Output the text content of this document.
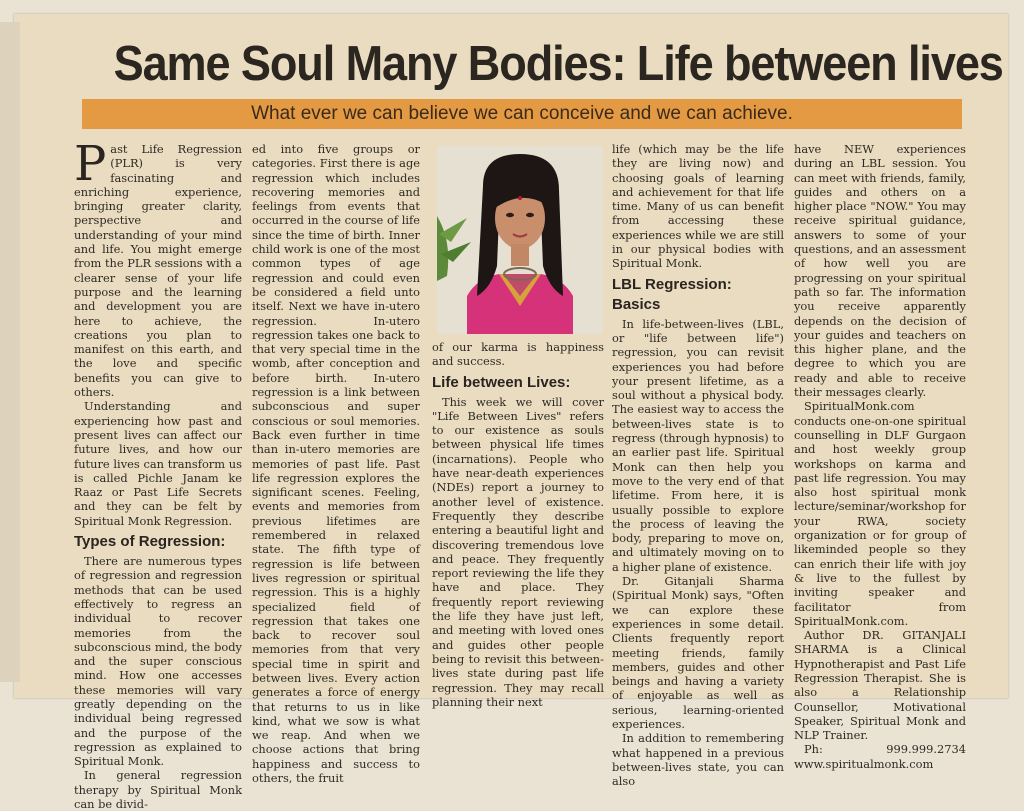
Same Soul Many Bodies: Life between lives
What ever we can believe we can conceive and we can achieve.

Past Life Regression (PLR) is very fascinating and enriching experience, bringing greater clarity, perspective and understanding of your mind and life. You might emerge from the PLR sessions with a clearer sense of your life purpose and the learning and development you are here to achieve, the creations you plan to manifest on this earth, and the love and specific benefits you can give to others.

Understanding and experiencing how past and present lives can affect our future lives, and how our future lives can transform us is called Pichle Janam ke Raaz or Past Life Secrets and they can be felt by Spiritual Monk Regression.

Types of Regression:

There are numerous types of regression and regression methods that can be used effectively to regress an individual to recover memories from the subconscious mind, the body and the super conscious mind. How one accesses these memories will vary greatly depending on the individual being regressed and the purpose of the regression as explained to Spiritual Monk.

In general regression therapy by Spiritual Monk can be divid-

ed into five groups or categories. First there is age regression which includes recovering memories and feelings from events that occurred in the course of life since the time of birth. Inner child work is one of the most common types of age regression and could even be considered a field unto itself. Next we have in-utero regression. In-utero regression takes one back to that very special time in the womb, after conception and before birth. In-utero regression is a link between subconscious and super conscious or soul memories. Back even further in time than in-utero memories are memories of past life. Past life regression explores the significant scenes. Feeling, events and memories from previous lifetimes are remembered in relaxed state. The fifth type of regression is life between lives regression or spiritual regression. This is a highly specialized field of regression that takes one back to recover soul memories from that very special time in spirit and between lives. Every action generates a force of energy that returns to us in like kind, what we sow is what we reap. And when we choose actions that bring happiness and success to others, the fruit

of our karma is happiness and success.

Life between Lives:

This week we will cover "Life Between Lives" refers to our existence as souls between physical life times (incarnations). People who have near-death experiences (NDEs) report a journey to another level of existence. Frequently they describe entering a beautiful light and discovering tremendous love and peace. They frequently report reviewing the life they have and place. They frequently report reviewing the life they have just left, and meeting with loved ones and guides other people being to revisit this between-lives state during past life regression. They may recall planning their next

life (which may be the life they are living now) and choosing goals of learning and achievement for that life time. Many of us can benefit from accessing these experiences while we are still in our physical bodies with Spiritual Monk.

LBL Regression: Basics

In life-between-lives (LBL, or "life between life") regression, you can revisit experiences you had before your present lifetime, as a soul without a physical body. The easiest way to access the between-lives state is to regress (through hypnosis) to an earlier past life. Spiritual Monk can then help you move to the very end of that lifetime. From here, it is usually possible to explore the process of leaving the body, preparing to move on, and ultimately moving on to a higher plane of existence.

Dr. Gitanjali Sharma (Spiritual Monk) says, "Often we can explore these experiences in some detail. Clients frequently report meeting friends, family members, guides and other beings and having a variety of enjoyable as well as serious, learning-oriented experiences.

In addition to remembering what happened in a previous between-lives state, you can also

have NEW experiences during an LBL session. You can meet with friends, family, guides and others on a higher place "NOW." You may receive spiritual guidance, answers to some of your questions, and an assessment of how well you are progressing on your spiritual path so far. The information you receive apparently depends on the decision of your guides and teachers on this higher plane, and the degree to which you are ready and able to receive their messages clearly.

SpiritualMonk.com conducts one-on-one spiritual counselling in DLF Gurgaon and host weekly group workshops on karma and past life regression. You may also host spiritual monk lecture/seminar/workshop for your RWA, society organization or for group of likeminded people so they can enrich their life with joy & live to the fullest by inviting speaker and facilitator from SpiritualMonk.com.

Author DR. GITANJALI SHARMA is a Clinical Hypnotherapist and Past Life Regression Therapist. She is also a Relationship Counsellor, Motivational Speaker, Spiritual Monk and NLP Trainer.

Ph: 999.999.2734 www.spiritualmonk.com
